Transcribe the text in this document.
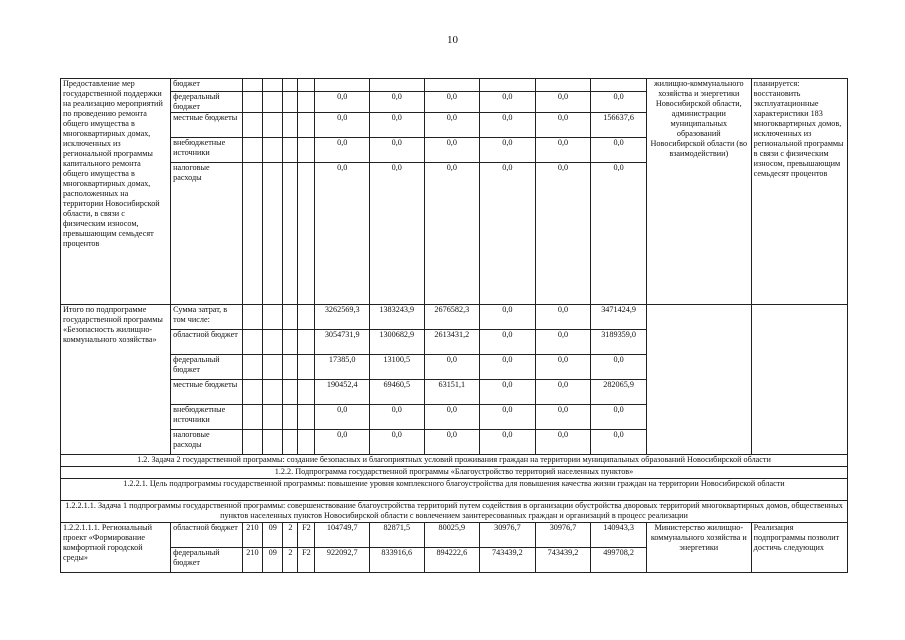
10
Предоставление мер государственной поддержки на реализацию мероприятий по проведению ремонта общего имущества в многоквартирных домах, исключенных из региональной программы капитального ремонта общего имущества в многоквартирных домах, расположенных на территории Новосибирской области, в связи с физическим износом, превышающим семьдесят процентов	бюджет											жилищно-коммунального хозяйства и энергетики Новосибирской области, администрации муниципальных образований Новосибирской области (во взаимодействии)	планируется: восстановить эксплуатационные характеристики 183 многоквартирных домов, исключенных из региональной программы в связи с физическим износом, превышающим семьдесят процентов
	федеральный бюджет					0,0	0,0	0,0	0,0	0,0	0,0		
	местные бюджеты					0,0	0,0	0,0	0,0	0,0	156637,6		
	внебюджетные источники					0,0	0,0	0,0	0,0	0,0	0,0		
	налоговые расходы					0,0	0,0	0,0	0,0	0,0	0,0		
Итого по подпрограмме государственной программы «Безопасность жилищно-коммунального хозяйства»	Сумма затрат, в том числе:					3262569,3	1383243,9	2676582,3	0,0	0,0	3471424,9		
	областной бюджет					3054731,9	1300682,9	2613431,2	0,0	0,0	3189359,0		
	федеральный бюджет					17385,0	13100,5	0,0	0,0	0,0	0,0		
	местные бюджеты					190452,4	69460,5	63151,1	0,0	0,0	282065,9		
	внебюджетные источники					0,0	0,0	0,0	0,0	0,0	0,0		
	налоговые расходы					0,0	0,0	0,0	0,0	0,0	0,0		
1.2. Задача 2 государственной программы: создание безопасных и благоприятных условий проживания граждан на территории муниципальных образований Новосибирской области													
1.2.2. Подпрограмма государственной программы «Благоустройство территорий населенных пунктов»													
1.2.2.1. Цель подпрограммы государственной программы: повышение уровня комплексного благоустройства для повышения качества жизни граждан на территории Новосибирской области													
1.2.2.1.1. Задача 1 подпрограммы государственной программы: совершенствование благоустройства территорий путем содействия в организации обустройства дворовых территорий многоквартирных домов, общественных пунктов населенных пунктов Новосибирской области с вовлечением заинтересованных граждан и организаций в процесс реализации													
1.2.2.1.1.1. Региональный проект «Формирование комфортной городской среды»	областной бюджет	210	09	2	F2	104749,7	82871,5	80025,9	30976,7	30976,7	140943,3	Министерство жилищно-коммунального хозяйства и энергетики	Реализация подпрограммы позволит достичь следующих
	федеральный бюджет	210	09	2	F2	922092,7	833916,6	894222,6	743439,2	743439,2	499708,2		
